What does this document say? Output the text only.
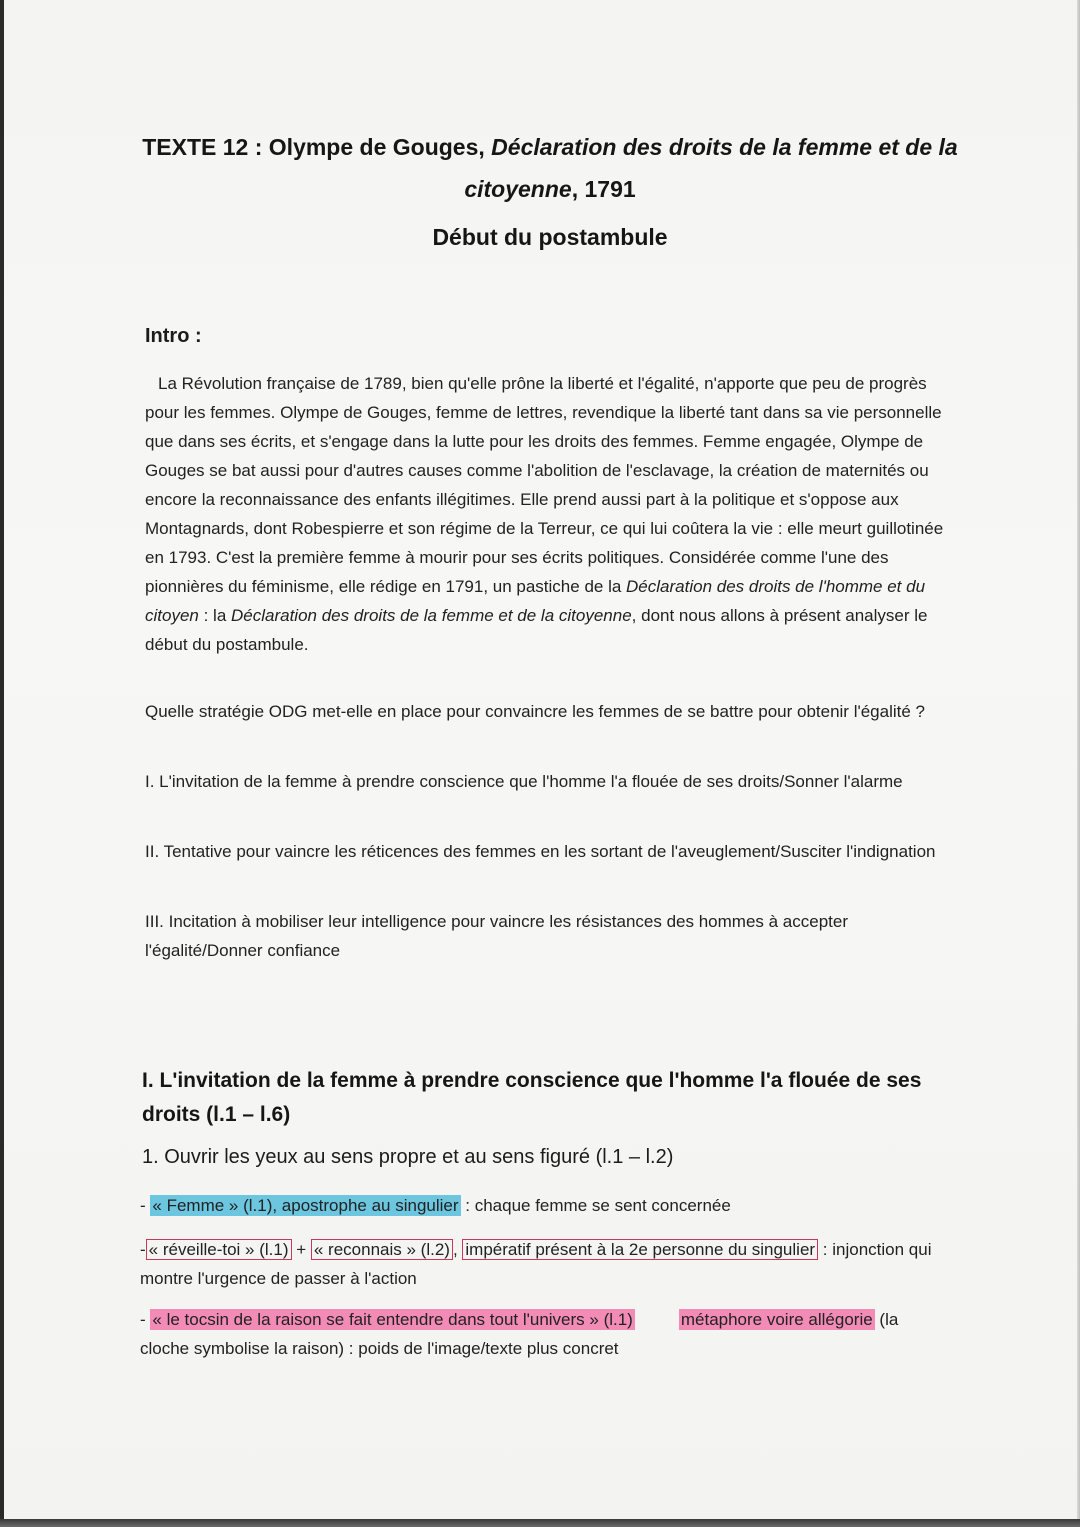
TEXTE 12 : Olympe de Gouges, Déclaration des droits de la femme et de la citoyenne, 1791
Début du postambule
Intro :
La Révolution française de 1789, bien qu'elle prône la liberté et l'égalité, n'apporte que peu de progrès pour les femmes. Olympe de Gouges, femme de lettres, revendique la liberté tant dans sa vie personnelle que dans ses écrits, et s'engage dans la lutte pour les droits des femmes. Femme engagée, Olympe de Gouges se bat aussi pour d'autres causes comme l'abolition de l'esclavage, la création de maternités ou encore la reconnaissance des enfants illégitimes. Elle prend aussi part à la politique et s'oppose aux Montagnards, dont Robespierre et son régime de la Terreur, ce qui lui coûtera la vie : elle meurt guillotinée en 1793. C'est la première femme à mourir pour ses écrits politiques. Considérée comme l'une des pionnières du féminisme, elle rédige en 1791, un pastiche de la Déclaration des droits de l'homme et du citoyen : la Déclaration des droits de la femme et de la citoyenne, dont nous allons à présent analyser le début du postambule.
Quelle stratégie ODG met-elle en place pour convaincre les femmes de se battre pour obtenir l'égalité ?
I. L'invitation de la femme à prendre conscience que l'homme l'a flouée de ses droits/Sonner l'alarme
II. Tentative pour vaincre les réticences des femmes en les sortant de l'aveuglement/Susciter l'indignation
III. Incitation à mobiliser leur intelligence pour vaincre les résistances des hommes à accepter l'égalité/Donner confiance
I. L'invitation de la femme à prendre conscience que l'homme l'a flouée de ses droits (l.1 – l.6)
1. Ouvrir les yeux au sens propre et au sens figuré (l.1 – l.2)
- « Femme » (l.1), apostrophe au singulier : chaque femme se sent concernée
- « réveille-toi » (l.1) + « reconnais » (l.2) , impératif présent à la 2e personne du singulier : injonction qui montre l'urgence de passer à l'action
- « le tocsin de la raison se fait entendre dans tout l'univers » (l.1)	métaphore voire allégorie (la cloche symbolise la raison) : poids de l'image/texte plus concret
